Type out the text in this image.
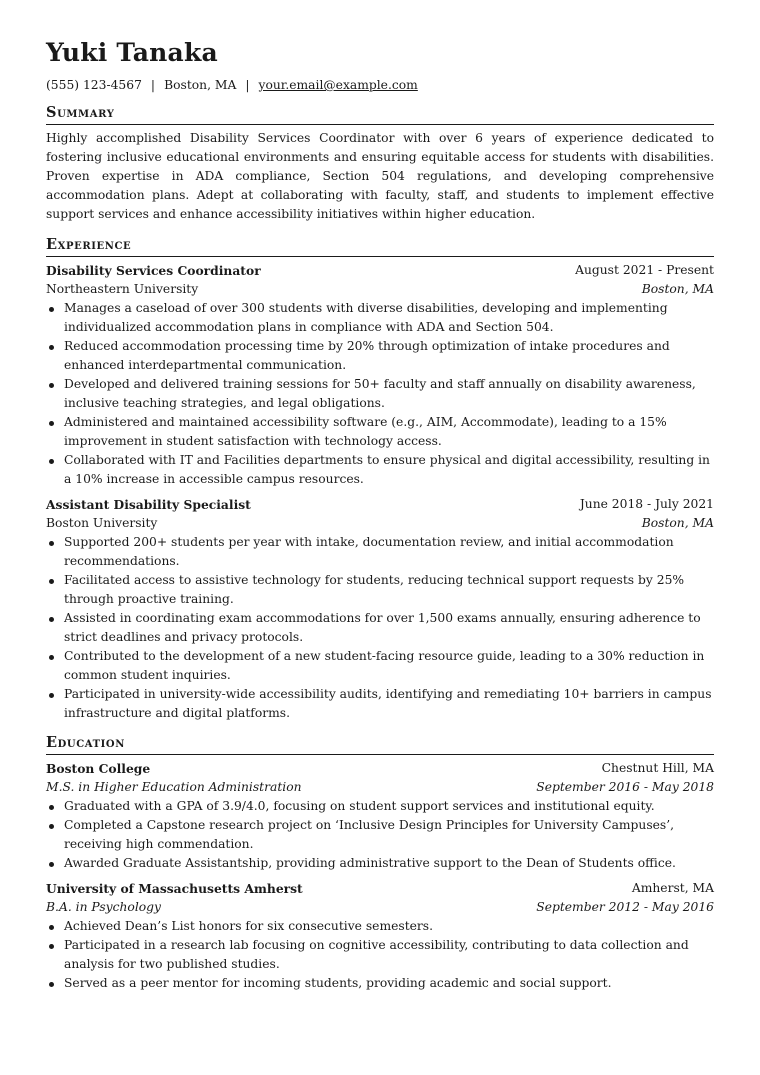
Yuki Tanaka
(555) 123-4567 | Boston, MA | your.email@example.com
Summary
Highly accomplished Disability Services Coordinator with over 6 years of experience dedicated to fostering inclusive educational environments and ensuring equitable access for students with disabilities. Proven expertise in ADA compliance, Section 504 regulations, and developing comprehensive accommodation plans. Adept at collaborating with faculty, staff, and students to implement effective support services and enhance accessibility initiatives within higher education.
Experience
Disability Services Coordinator	August 2021 - Present
Northeastern University	Boston, MA
Manages a caseload of over 300 students with diverse disabilities, developing and implementing individualized accommodation plans in compliance with ADA and Section 504.
Reduced accommodation processing time by 20% through optimization of intake procedures and enhanced interdepartmental communication.
Developed and delivered training sessions for 50+ faculty and staff annually on disability awareness, inclusive teaching strategies, and legal obligations.
Administered and maintained accessibility software (e.g., AIM, Accommodate), leading to a 15% improvement in student satisfaction with technology access.
Collaborated with IT and Facilities departments to ensure physical and digital accessibility, resulting in a 10% increase in accessible campus resources.
Assistant Disability Specialist	June 2018 - July 2021
Boston University	Boston, MA
Supported 200+ students per year with intake, documentation review, and initial accommodation recommendations.
Facilitated access to assistive technology for students, reducing technical support requests by 25% through proactive training.
Assisted in coordinating exam accommodations for over 1,500 exams annually, ensuring adherence to strict deadlines and privacy protocols.
Contributed to the development of a new student-facing resource guide, leading to a 30% reduction in common student inquiries.
Participated in university-wide accessibility audits, identifying and remediating 10+ barriers in campus infrastructure and digital platforms.
Education
Boston College	Chestnut Hill, MA
M.S. in Higher Education Administration	September 2016 - May 2018
Graduated with a GPA of 3.9/4.0, focusing on student support services and institutional equity.
Completed a Capstone research project on ‘Inclusive Design Principles for University Campuses’, receiving high commendation.
Awarded Graduate Assistantship, providing administrative support to the Dean of Students office.
University of Massachusetts Amherst	Amherst, MA
B.A. in Psychology	September 2012 - May 2016
Achieved Dean’s List honors for six consecutive semesters.
Participated in a research lab focusing on cognitive accessibility, contributing to data collection and analysis for two published studies.
Served as a peer mentor for incoming students, providing academic and social support.
